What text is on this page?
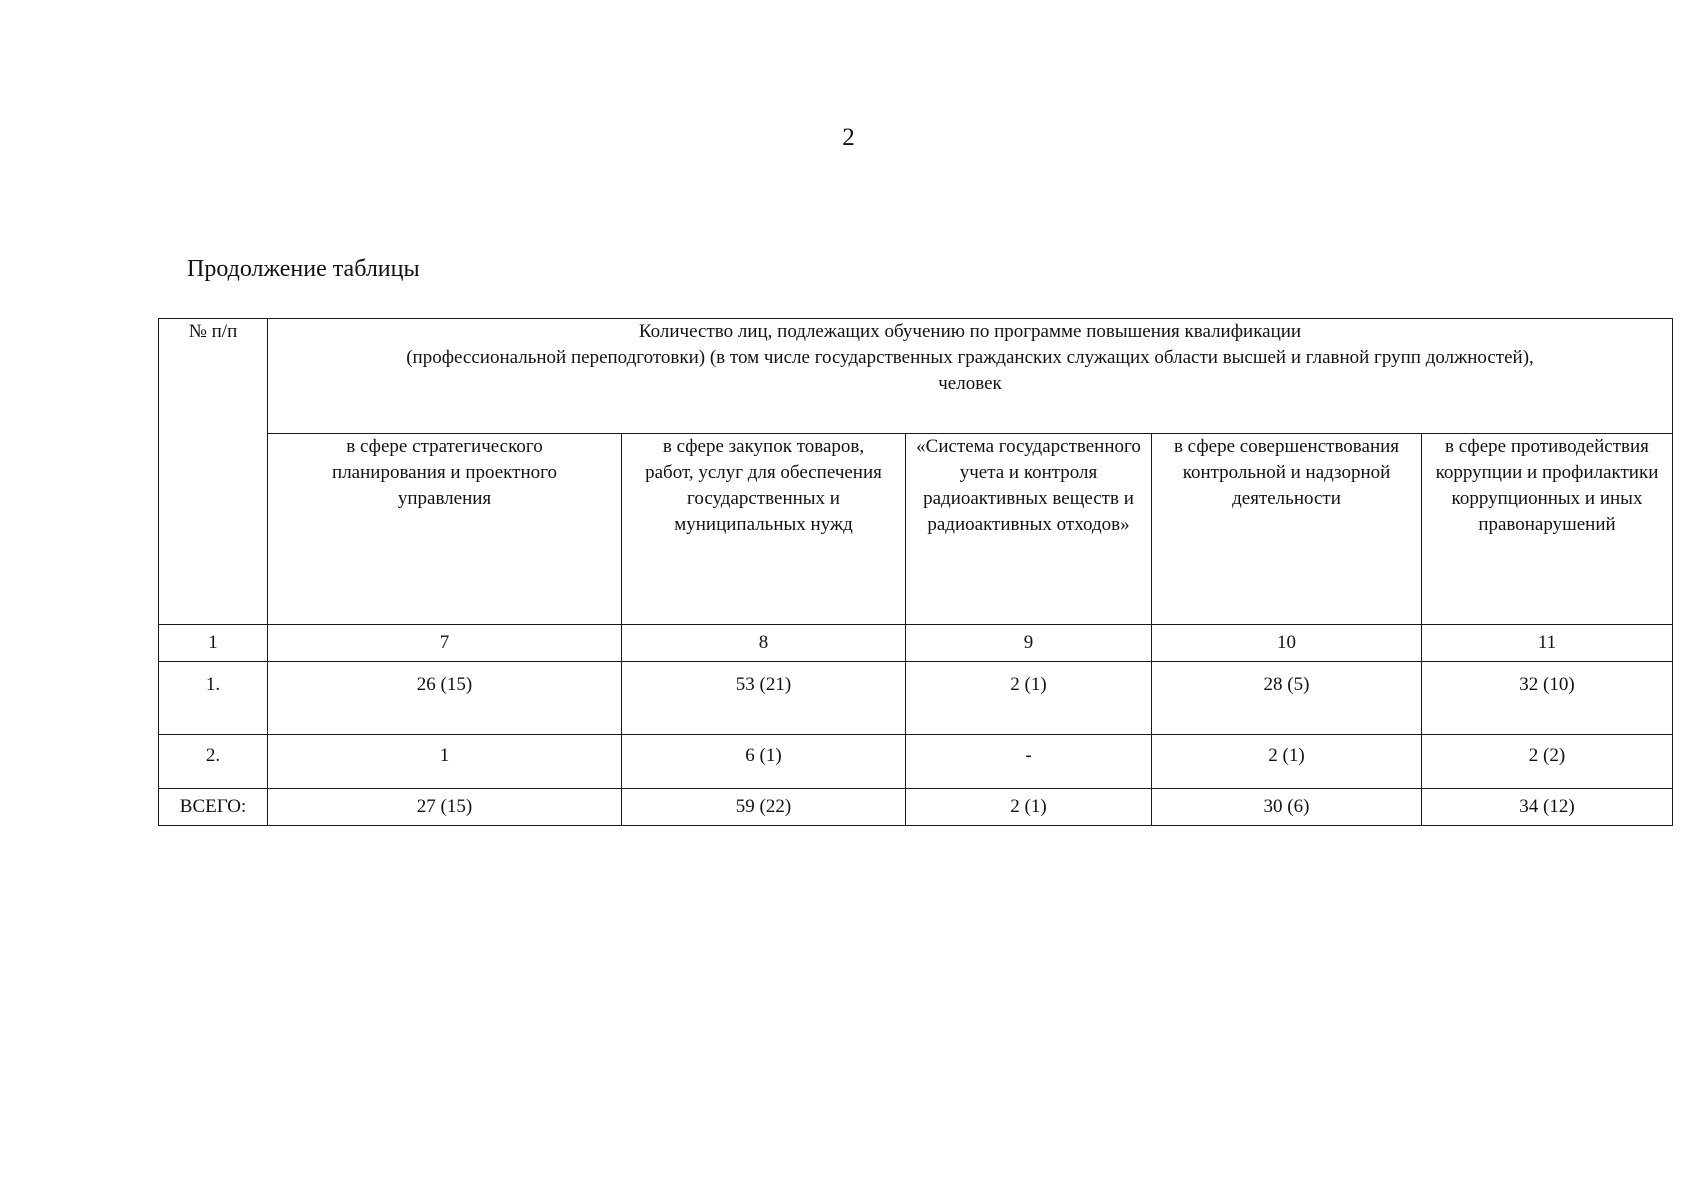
2
Продолжение таблицы
№ п/п	Количество лиц, подлежащих обучению по программе повышения квалификации
(профессиональной переподготовки) (в том числе государственных гражданских служащих области высшей и главной групп должностей),
человек				

	в сфере стратегического планирования и проектного управления	в сфере закупок товаров, работ, услуг для обеспечения государственных и муниципальных нужд	«Система государственного учета и контроля радиоактивных веществ и радиоактивных отходов»	в сфере совершенствования контрольной и надзорной деятельности	в сфере противодействия коррупции и профилактики коррупционных и иных правонарушений
1	7	8	9	10	11
1.	26 (15)	53 (21)	2 (1)	28 (5)	32 (10)
2.	1	6 (1)	-	2 (1)	2 (2)
ВСЕГО:	27 (15)	59 (22)	2 (1)	30 (6)	34 (12)
